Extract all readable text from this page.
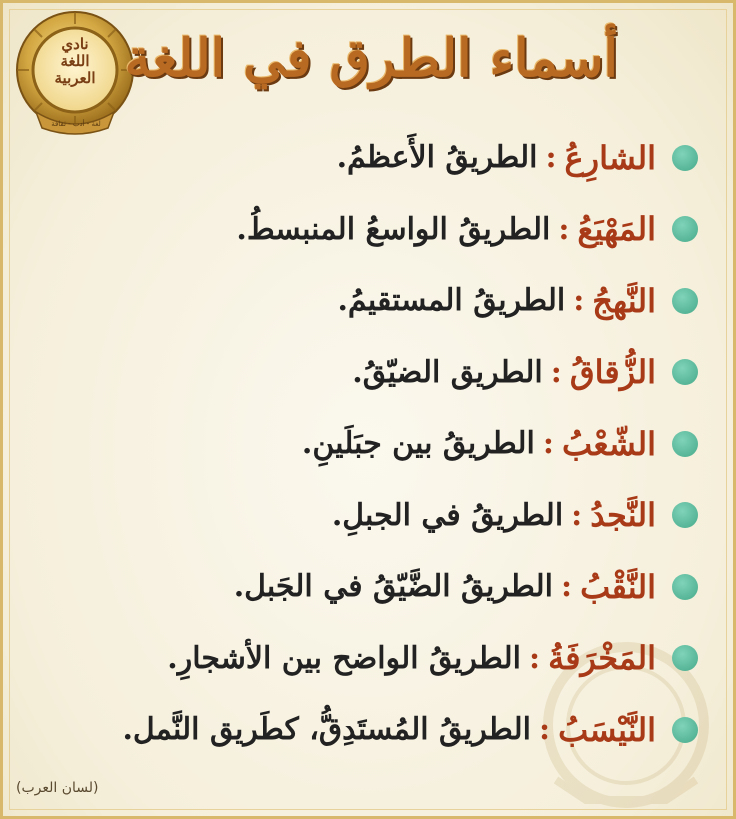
نادي
اللغة
العربية
لغة - أدب - ثقافة
أسماء الطرق في اللغة
الشارِعُ
:
الطريقُ الأَعظمُ.
المَهْيَعُ
:
الطريقُ الواسعُ المنبسطُ.
النَّهجُ
:
الطريقُ المستقيمُ.
الزُّقاقُ
:
الطريق الضيّقُ.
الشّعْبُ
:
الطريقُ بين جبَلَينِ.
النَّجدُ
:
الطريقُ في الجبلِ.
النَّقْبُ
:
الطريقُ الضَّيّقُ في الجَبل.
المَخْرَفَةُ
:
الطريقُ الواضح بين الأشجارِ.
النَّيْسَبُ
:
الطريقُ المُستَدِقُّ، كطَريق النَّمل.
(لسان العرب)
